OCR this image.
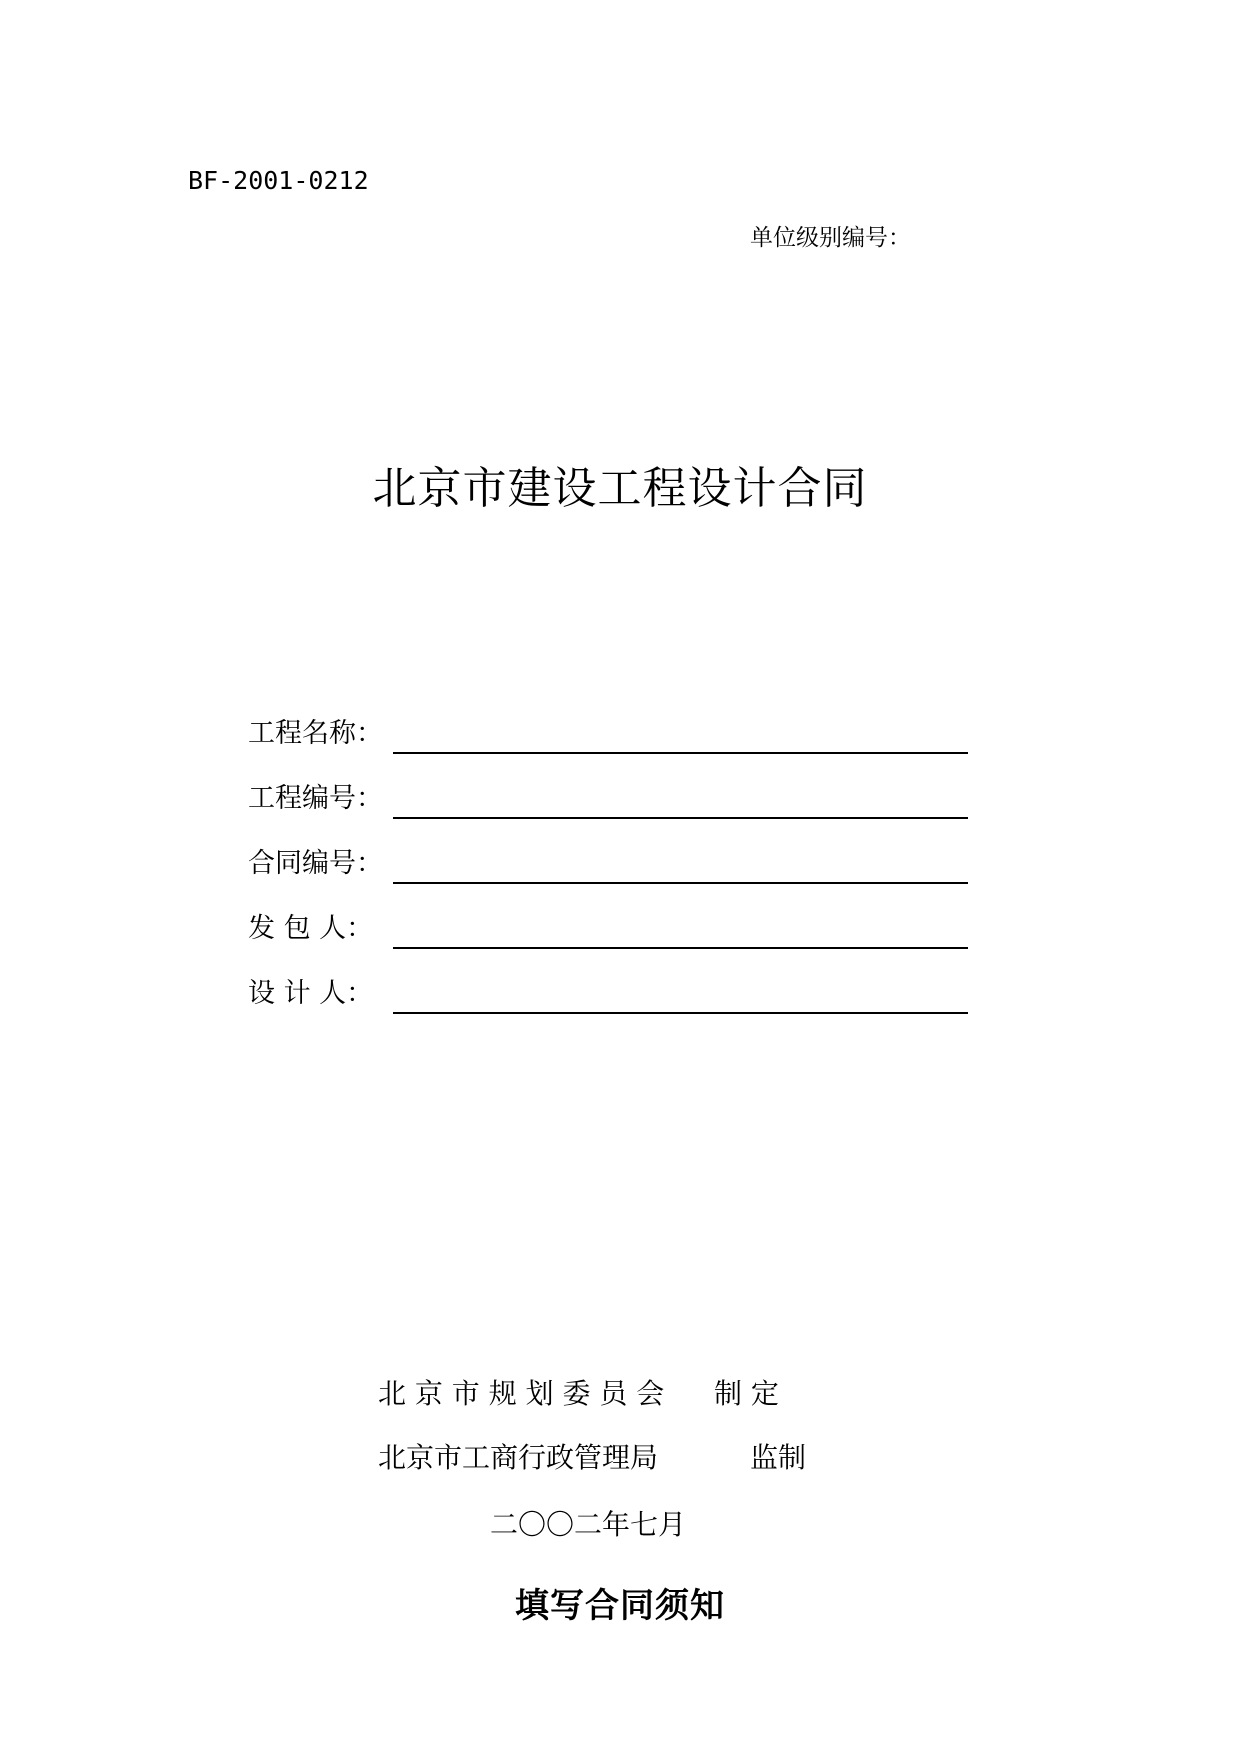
BF-2001-0212
单位级别编号：
北京市建设工程设计合同
工程名称：
工程编号：
合同编号：
发 包 人：
设 计 人：
北 京 市 规 划 委 员 会 制 定
北京市工商行政管理局	监制
二〇〇二年七月
填写合同须知
